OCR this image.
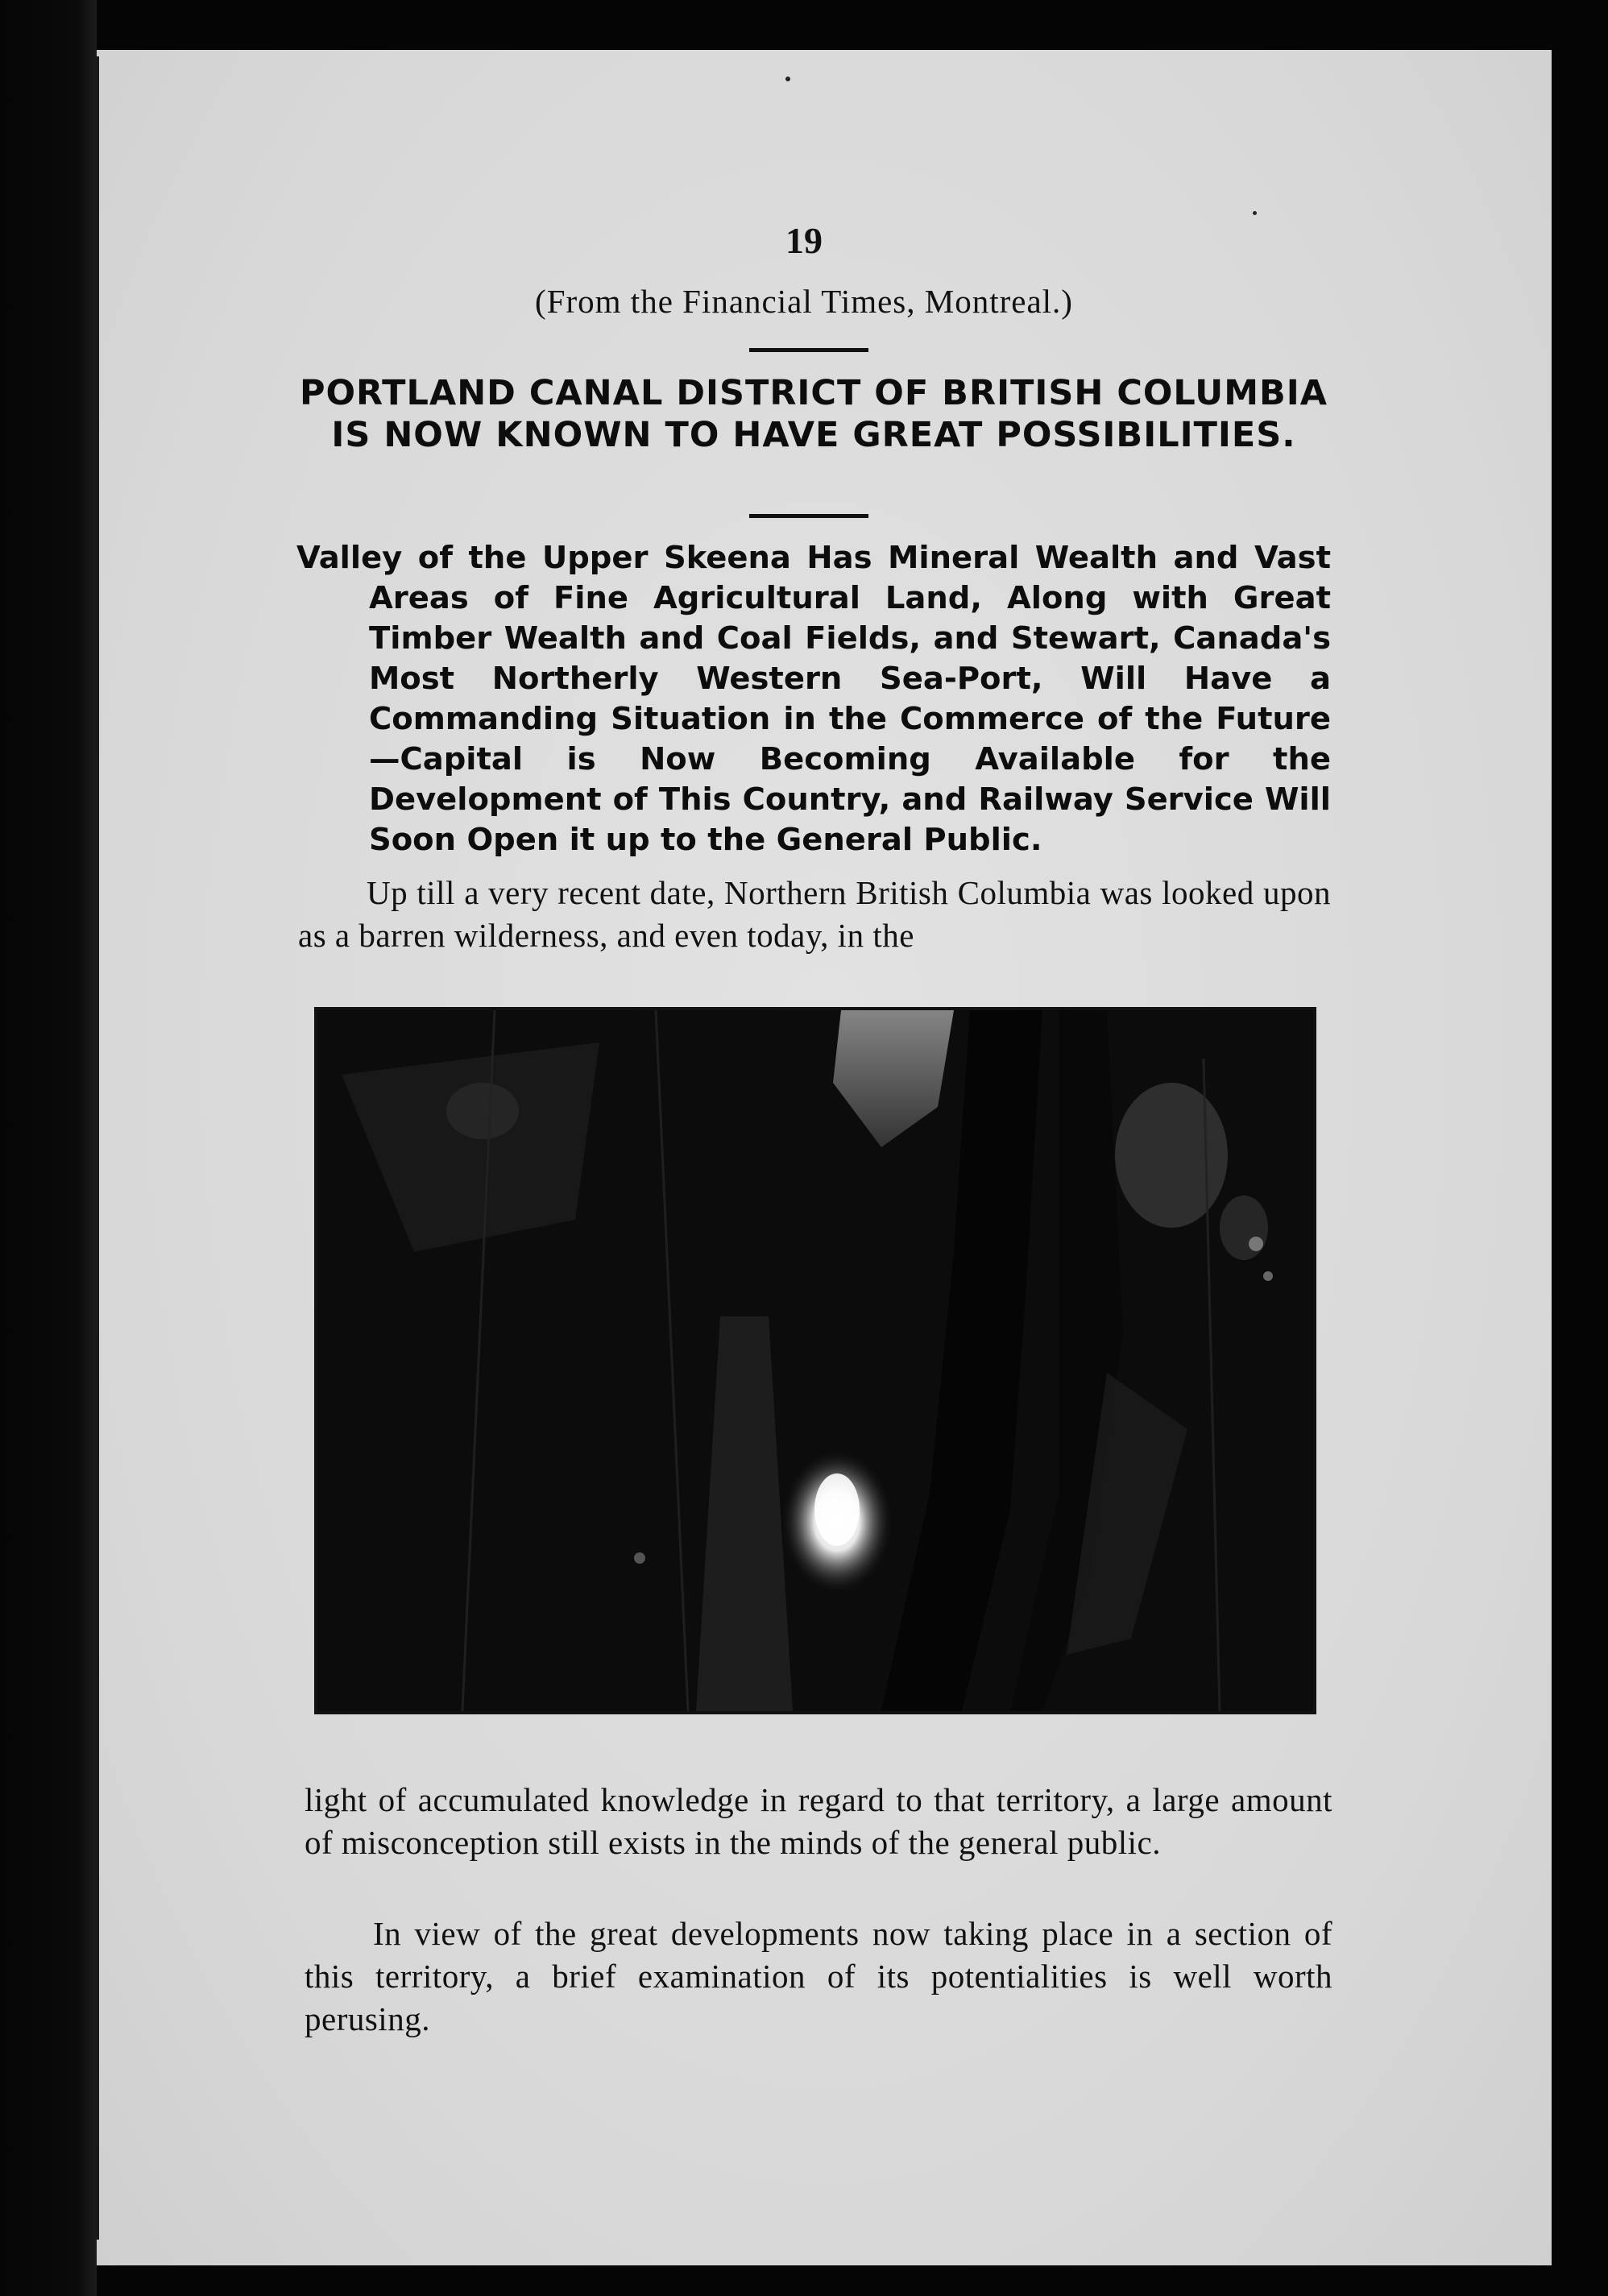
19
(From the Financial Times, Montreal.)
PORTLAND CANAL DISTRICT OF BRITISH COLUMBIA IS NOW KNOWN TO HAVE GREAT POSSIBILITIES.
Valley of the Upper Skeena Has Mineral Wealth and Vast Areas of Fine Agricultural Land, Along with Great Timber Wealth and Coal Fields, and Stewart, Canada's Most Northerly Western Sea-Port, Will Have a Commanding Situation in the Commerce of the Future—Capital is Now Becoming Available for the Development of This Country, and Railway Service Will Soon Open it up to the General Public.
Up till a very recent date, Northern British Columbia was looked upon as a barren wilderness, and even today, in the
light of accumulated knowledge in regard to that territory, a large amount of misconception still exists in the minds of the general public.
In view of the great developments now taking place in a section of this territory, a brief examination of its potentialities is well worth perusing.
